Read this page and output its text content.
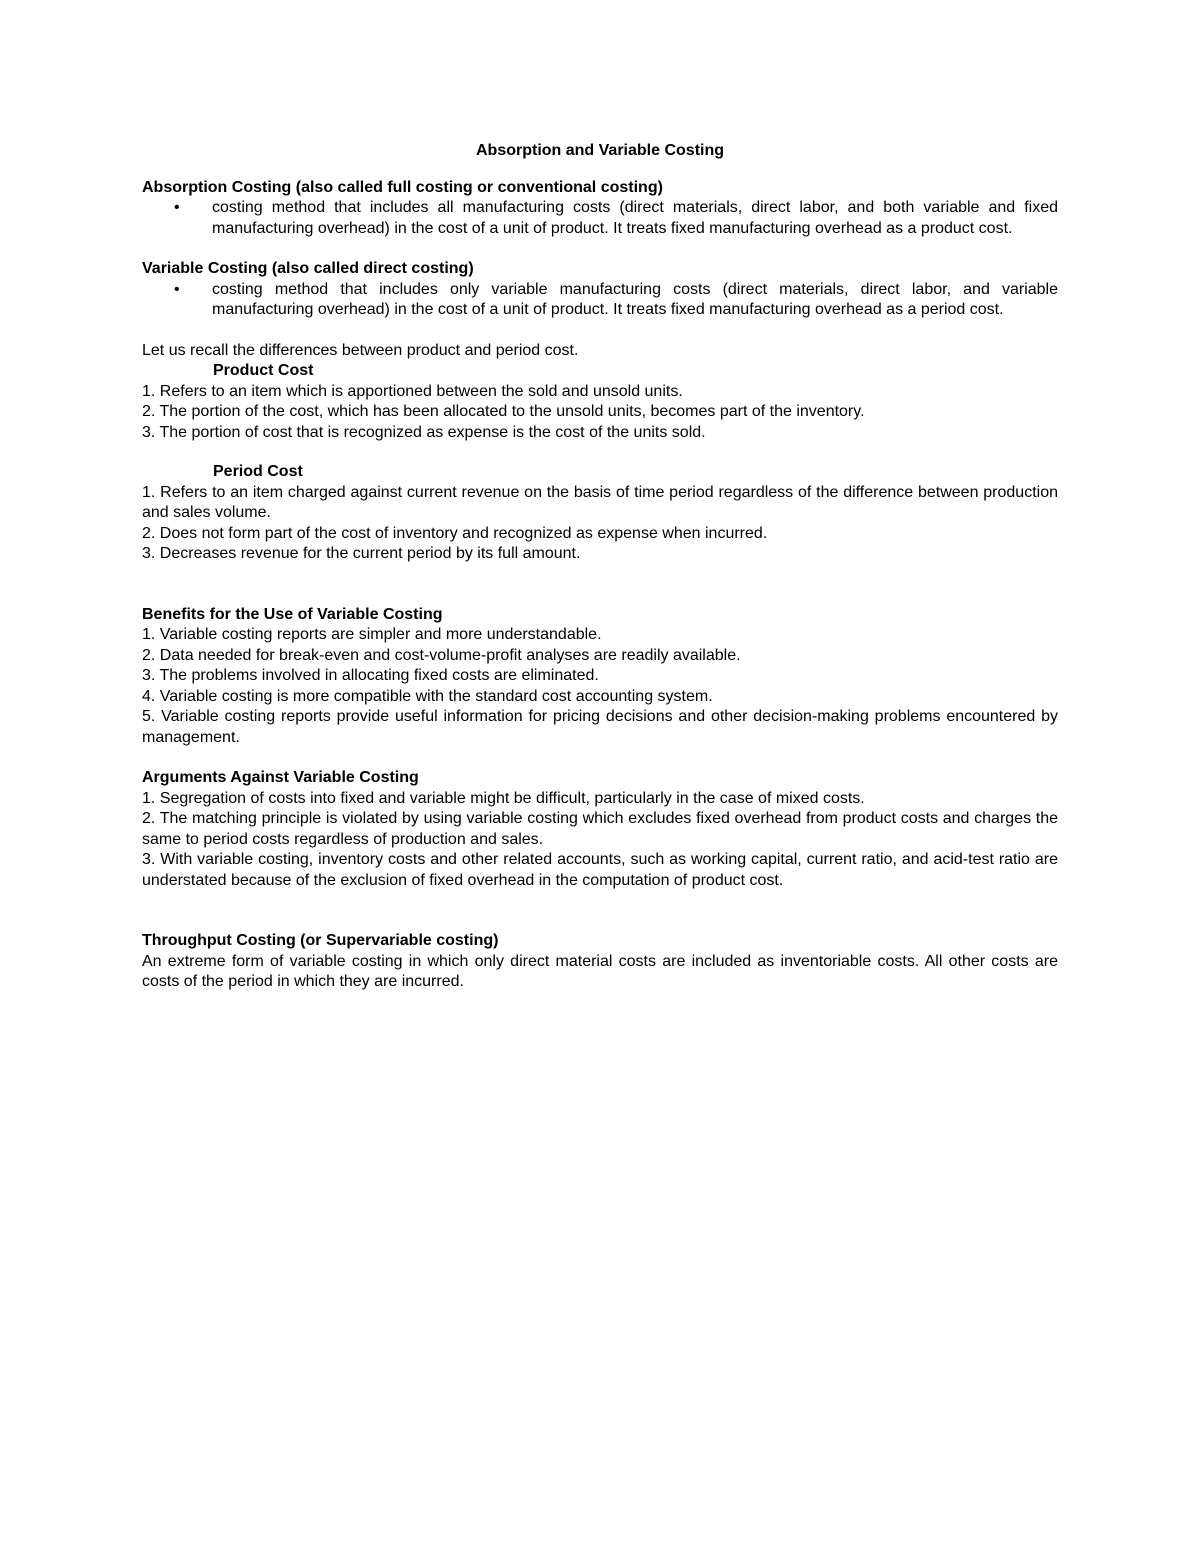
Absorption and Variable Costing
Absorption Costing (also called full costing or conventional costing)
• costing method that includes all manufacturing costs (direct materials, direct labor, and both variable and fixed manufacturing overhead) in the cost of a unit of product. It treats fixed manufacturing overhead as a product cost.
Variable Costing (also called direct costing)
• costing method that includes only variable manufacturing costs (direct materials, direct labor, and variable manufacturing overhead) in the cost of a unit of product. It treats fixed manufacturing overhead as a period cost.
Let us recall the differences between product and period cost.
Product Cost
1. Refers to an item which is apportioned between the sold and unsold units.
2. The portion of the cost, which has been allocated to the unsold units, becomes part of the inventory.
3. The portion of cost that is recognized as expense is the cost of the units sold.
Period Cost
1. Refers to an item charged against current revenue on the basis of time period regardless of the difference between production and sales volume.
2. Does not form part of the cost of inventory and recognized as expense when incurred.
3. Decreases revenue for the current period by its full amount.
Benefits for the Use of Variable Costing
1. Variable costing reports are simpler and more understandable.
2. Data needed for break-even and cost-volume-profit analyses are readily available.
3. The problems involved in allocating fixed costs are eliminated.
4. Variable costing is more compatible with the standard cost accounting system.
5. Variable costing reports provide useful information for pricing decisions and other decision-making problems encountered by management.
Arguments Against Variable Costing
1. Segregation of costs into fixed and variable might be difficult, particularly in the case of mixed costs.
2. The matching principle is violated by using variable costing which excludes fixed overhead from product costs and charges the same to period costs regardless of production and sales.
3. With variable costing, inventory costs and other related accounts, such as working capital, current ratio, and acid-test ratio are understated because of the exclusion of fixed overhead in the computation of product cost.
Throughput Costing (or Supervariable costing)
An extreme form of variable costing in which only direct material costs are included as inventoriable costs. All other costs are costs of the period in which they are incurred.
